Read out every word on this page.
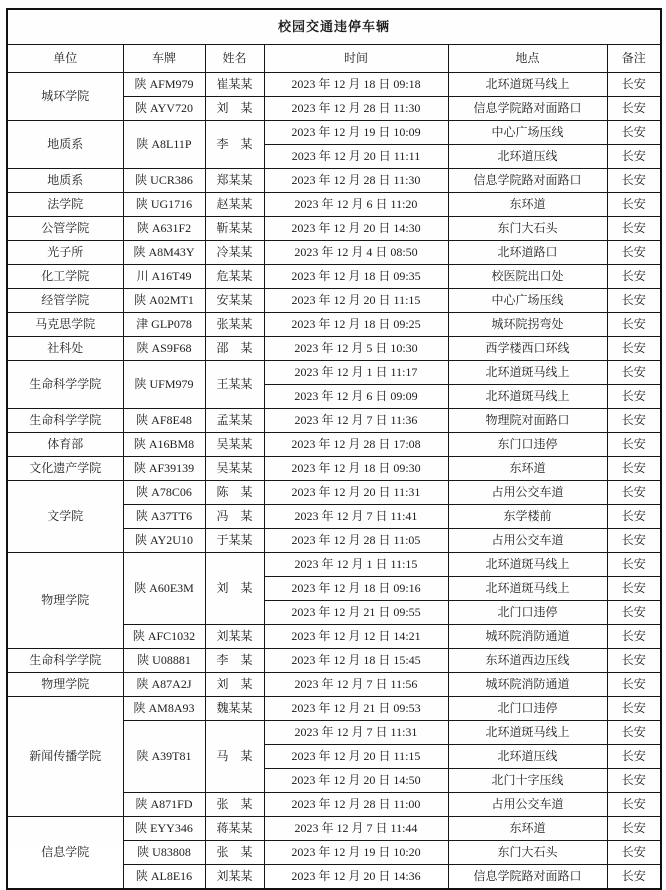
校园交通违停车辆					
单位	车牌	姓名	时间	地点	备注
城环学院	陕 AFM979	崔某某	2023 年 12 月 18 日 09:18	北环道斑马线上	长安
	陕 AYV720	刘　某	2023 年 12 月 28 日 11:30	信息学院路对面路口	长安
地质系	陕 A8L11P	李　某	2023 年 12 月 19 日 10:09	中心广场压线	长安
			2023 年 12 月 20 日 11:11	北环道压线	长安
地质系	陕 UCR386	郑某某	2023 年 12 月 28 日 11:30	信息学院路对面路口	长安
法学院	陕 UG1716	赵某某	2023 年 12 月 6 日 11:20	东环道	长安
公管学院	陕 A631F2	靳某某	2023 年 12 月 20 日 14:30	东门大石头	长安
光子所	陕 A8M43Y	冷某某	2023 年 12 月 4 日 08:50	北环道路口	长安
化工学院	川 A16T49	危某某	2023 年 12 月 18 日 09:35	校医院出口处	长安
经管学院	陕 A02MT1	安某某	2023 年 12 月 20 日 11:15	中心广场压线	长安
马克思学院	津 GLP078	张某某	2023 年 12 月 18 日 09:25	城环院拐弯处	长安
社科处	陕 AS9F68	邵　某	2023 年 12 月 5 日 10:30	西学楼西口环线	长安
生命科学学院	陕 UFM979	王某某	2023 年 12 月 1 日 11:17	北环道斑马线上	长安
			2023 年 12 月 6 日 09:09	北环道斑马线上	长安
生命科学学院	陕 AF8E48	孟某某	2023 年 12 月 7 日 11:36	物理院对面路口	长安
体育部	陕 A16BM8	吴某某	2023 年 12 月 28 日 17:08	东门口违停	长安
文化遗产学院	陕 AF39139	吴某某	2023 年 12 月 18 日 09:30	东环道	长安
文学院	陕 A78C06	陈　某	2023 年 12 月 20 日 11:31	占用公交车道	长安
	陕 A37TT6	冯　某	2023 年 12 月 7 日 11:41	东学楼前	长安
	陕 AY2U10	于某某	2023 年 12 月 28 日 11:05	占用公交车道	长安
物理学院	陕 A60E3M	刘　某	2023 年 12 月 1 日 11:15	北环道斑马线上	长安
			2023 年 12 月 18 日 09:16	北环道斑马线上	长安
			2023 年 12 月 21 日 09:55	北门口违停	长安
	陕 AFC1032	刘某某	2023 年 12 月 12 日 14:21	城环院消防通道	长安
生命科学学院	陕 U08881	李　某	2023 年 12 月 18 日 15:45	东环道西边压线	长安
物理学院	陕 A87A2J	刘　某	2023 年 12 月 7 日 11:56	城环院消防通道	长安
新闻传播学院	陕 AM8A93	魏某某	2023 年 12 月 21 日 09:53	北门口违停	长安
	陕 A39T81	马　某	2023 年 12 月 7 日 11:31	北环道斑马线上	长安
			2023 年 12 月 20 日 11:15	北环道压线	长安
			2023 年 12 月 20 日 14:50	北门十字压线	长安
	陕 A871FD	张　某	2023 年 12 月 28 日 11:00	占用公交车道	长安
信息学院	陕 EYY346	蒋某某	2023 年 12 月 7 日 11:44	东环道	长安
	陕 U83808	张　某	2023 年 12 月 19 日 10:20	东门大石头	长安
	陕 AL8E16	刘某某	2023 年 12 月 20 日 14:36	信息学院路对面路口	长安
